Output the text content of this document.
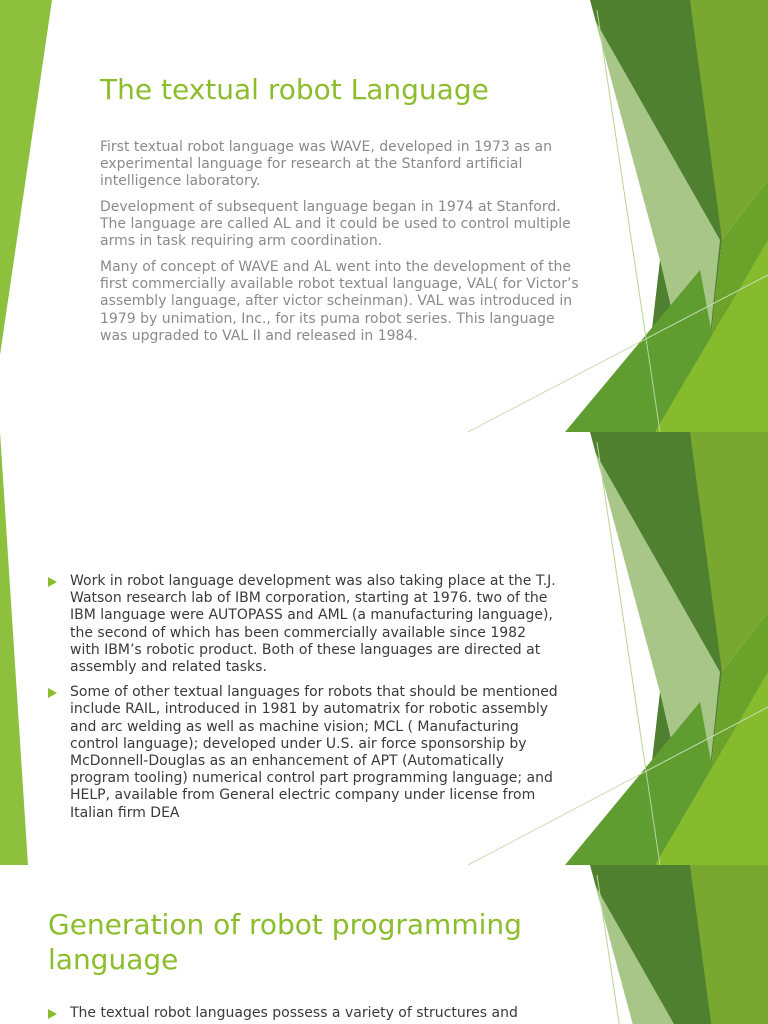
The textual robot Language

First textual robot language was WAVE, developed in 1973 as an experimental language for research at the Stanford artificial intelligence laboratory.

Development of subsequent language began in 1974 at Stanford. The language are called AL and it could be used to control multiple arms in task requiring arm coordination.

Many of concept of WAVE and AL went into the development of the first commercially available robot textual language, VAL( for Victor’s assembly language, after victor scheinman). VAL was introduced in 1979 by unimation, Inc., for its puma robot series. This language was upgraded to VAL II and released in 1984.

Work in robot language development was also taking place at the T.J. Watson research lab of IBM corporation, starting at 1976. two of the IBM language were AUTOPASS and AML (a manufacturing language), the second of which has been commercially available since 1982 with IBM’s robotic product. Both of these languages are directed at assembly and related tasks.
Some of other textual languages for robots that should be mentioned include RAIL, introduced in 1981 by automatrix for robotic assembly and arc welding as well as machine vision; MCL ( Manufacturing control language); developed under U.S. air force sponsorship by McDonnell-Douglas as an enhancement of APT (Automatically program tooling) numerical control part programming language; and HELP, available from General electric company under license from Italian firm DEA
Generation of robot programming language
The textual robot languages possess a variety of structures and
